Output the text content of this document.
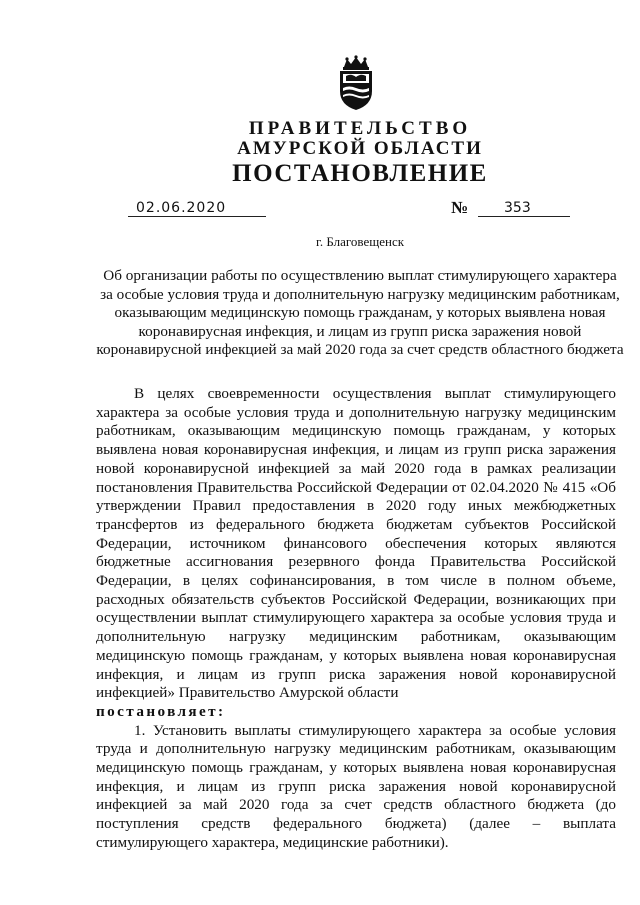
ПРАВИТЕЛЬСТВО
АМУРСКОЙ ОБЛАСТИ
ПОСТАНОВЛЕНИЕ
02.06.2020	№	353
г. Благовещенск
Об организации работы по осуществлению выплат стимулирующего характера за особые условия труда и дополнительную нагрузку медицинским работникам, оказывающим медицинскую помощь гражданам, у которых выявлена новая коронавирусная инфекция, и лицам из групп риска заражения новой коронавирусной инфекцией за май 2020 года за счет средств областного бюджета

В целях своевременности осуществления выплат стимулирующего характера за особые условия труда и дополнительную нагрузку медицинским работникам, оказывающим медицинскую помощь гражданам, у которых выявлена новая коронавирусная инфекция, и лицам из групп риска заражения новой коронавирусной инфекцией за май 2020 года в рамках реализации постановления Правительства Российской Федерации от 02.04.2020 № 415 «Об утверждении Правил предоставления в 2020 году иных межбюджетных трансфертов из федерального бюджета бюджетам субъектов Российской Федерации, источником финансового обеспечения которых являются бюджетные ассигнования резервного фонда Правительства Российской Федерации, в целях софинансирования, в том числе в полном объеме, расходных обязательств субъектов Российской Федерации, возникающих при осуществлении выплат стимулирующего характера за особые условия труда и дополнительную нагрузку медицинским работникам, оказывающим медицинскую помощь гражданам, у которых выявлена новая коронавирусная инфекция, и лицам из групп риска заражения новой коронавирусной инфекцией» Правительство Амурской области

постановляет:

1. Установить выплаты стимулирующего характера за особые условия труда и дополнительную нагрузку медицинским работникам, оказывающим медицинскую помощь гражданам, у которых выявлена новая коронавирусная инфекция, и лицам из групп риска заражения новой коронавирусной инфекцией за май 2020 года за счет средств областного бюджета (до поступления средств федерального бюджета) (далее – выплата стимулирующего характера, медицинские работники).
